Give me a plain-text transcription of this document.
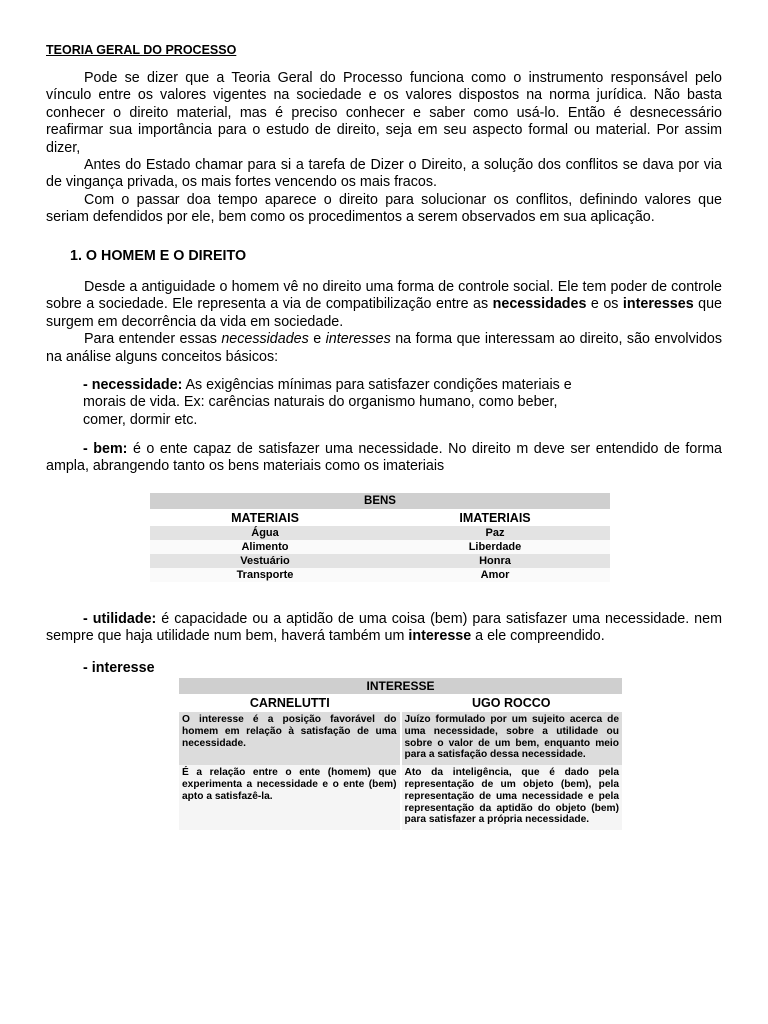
TEORIA GERAL DO PROCESSO

Pode se dizer que a Teoria Geral do Processo funciona como o instrumento responsável pelo vínculo entre os valores vigentes na sociedade e os valores dispostos na norma jurídica. Não basta conhecer o direito material, mas é preciso conhecer e saber como usá-lo. Então é desnecessário reafirmar sua importância para o estudo de direito, seja em seu aspecto formal ou material. Por assim dizer,

Antes do Estado chamar para si a tarefa de Dizer o Direito, a solução dos conflitos se dava por via de vingança privada, os mais fortes vencendo os mais fracos.

Com o passar doa tempo aparece o direito para solucionar os conflitos, definindo valores que seriam defendidos por ele, bem como os procedimentos a serem observados em sua aplicação.

1. O HOMEM E O DIREITO

Desde a antiguidade o homem vê no direito uma forma de controle social. Ele tem poder de controle sobre a sociedade. Ele representa a via de compatibilização entre as necessidades e os interesses que surgem em decorrência da vida em sociedade.

Para entender essas necessidades e interesses na forma que interessam ao direito, são envolvidos na análise alguns conceitos básicos:

- necessidade: As exigências mínimas para satisfazer condições materiais e
morais de vida. Ex: carências naturais do organismo humano, como beber,
comer, dormir etc.
- bem: é o ente capaz de satisfazer uma necessidade. No direito m deve ser entendido de forma ampla, abrangendo tanto os bens materiais como os imateriais
BENS	
MATERIAIS	IMATERIAIS
Água	Paz
Alimento	Liberdade
Vestuário	Honra
Transporte	Amor
- utilidade: é capacidade ou a aptidão de uma coisa (bem) para satisfazer uma necessidade. nem sempre que haja utilidade num bem, haverá também um interesse a ele compreendido.
- interesse
INTERESSE	
CARNELUTTI	UGO ROCCO
O interesse é a posição favorável do homem em relação à satisfação de uma necessidade.	Juízo formulado por um sujeito acerca de uma necessidade, sobre a utilidade ou sobre o valor de um bem, enquanto meio para a satisfação dessa necessidade.
É a relação entre o ente (homem) que experimenta a necessidade e o ente (bem) apto a satisfazê-la.	Ato da inteligência, que é dado pela representação de um objeto (bem), pela representação de uma necessidade e pela representação da aptidão do objeto (bem) para satisfazer a própria necessidade.
